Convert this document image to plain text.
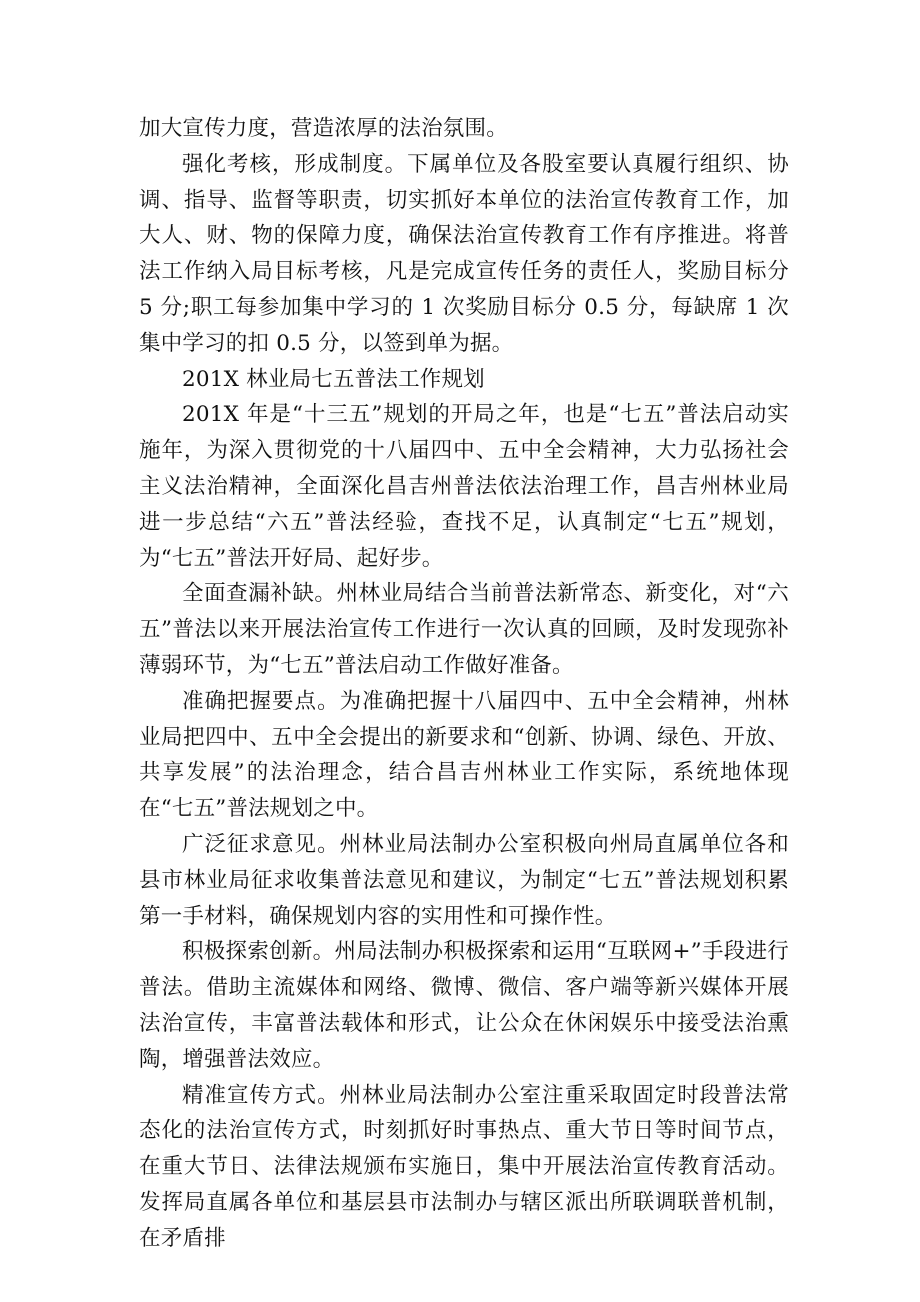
加大宣传力度，营造浓厚的法治氛围。

强化考核，形成制度。下属单位及各股室要认真履行组织、协调、指导、监督等职责，切实抓好本单位的法治宣传教育工作，加大人、财、物的保障力度，确保法治宣传教育工作有序推进。将普法工作纳入局目标考核，凡是完成宣传任务的责任人，奖励目标分 5 分;职工每参加集中学习的 1 次奖励目标分 0.5 分，每缺席 1 次集中学习的扣 0.5 分，以签到单为据。

201X 林业局七五普法工作规划

201X 年是“十三五”规划的开局之年，也是“七五”普法启动实施年，为深入贯彻党的十八届四中、五中全会精神，大力弘扬社会主义法治精神，全面深化昌吉州普法依法治理工作，昌吉州林业局进一步总结“六五”普法经验，查找不足，认真制定“七五”规划，为“七五”普法开好局、起好步。

全面查漏补缺。州林业局结合当前普法新常态、新变化，对“六五”普法以来开展法治宣传工作进行一次认真的回顾，及时发现弥补薄弱环节，为“七五”普法启动工作做好准备。

准确把握要点。为准确把握十八届四中、五中全会精神，州林业局把四中、五中全会提出的新要求和“创新、协调、绿色、开放、共享发展”的法治理念，结合昌吉州林业工作实际，系统地体现在“七五”普法规划之中。

广泛征求意见。州林业局法制办公室积极向州局直属单位各和县市林业局征求收集普法意见和建议，为制定“七五”普法规划积累第一手材料，确保规划内容的实用性和可操作性。

积极探索创新。州局法制办积极探索和运用“互联网+”手段进行普法。借助主流媒体和网络、微博、微信、客户端等新兴媒体开展法治宣传，丰富普法载体和形式，让公众在休闲娱乐中接受法治熏陶，增强普法效应。

精准宣传方式。州林业局法制办公室注重采取固定时段普法常态化的法治宣传方式，时刻抓好时事热点、重大节日等时间节点，在重大节日、法律法规颁布实施日，集中开展法治宣传教育活动。发挥局直属各单位和基层县市法制办与辖区派出所联调联普机制，在矛盾排
